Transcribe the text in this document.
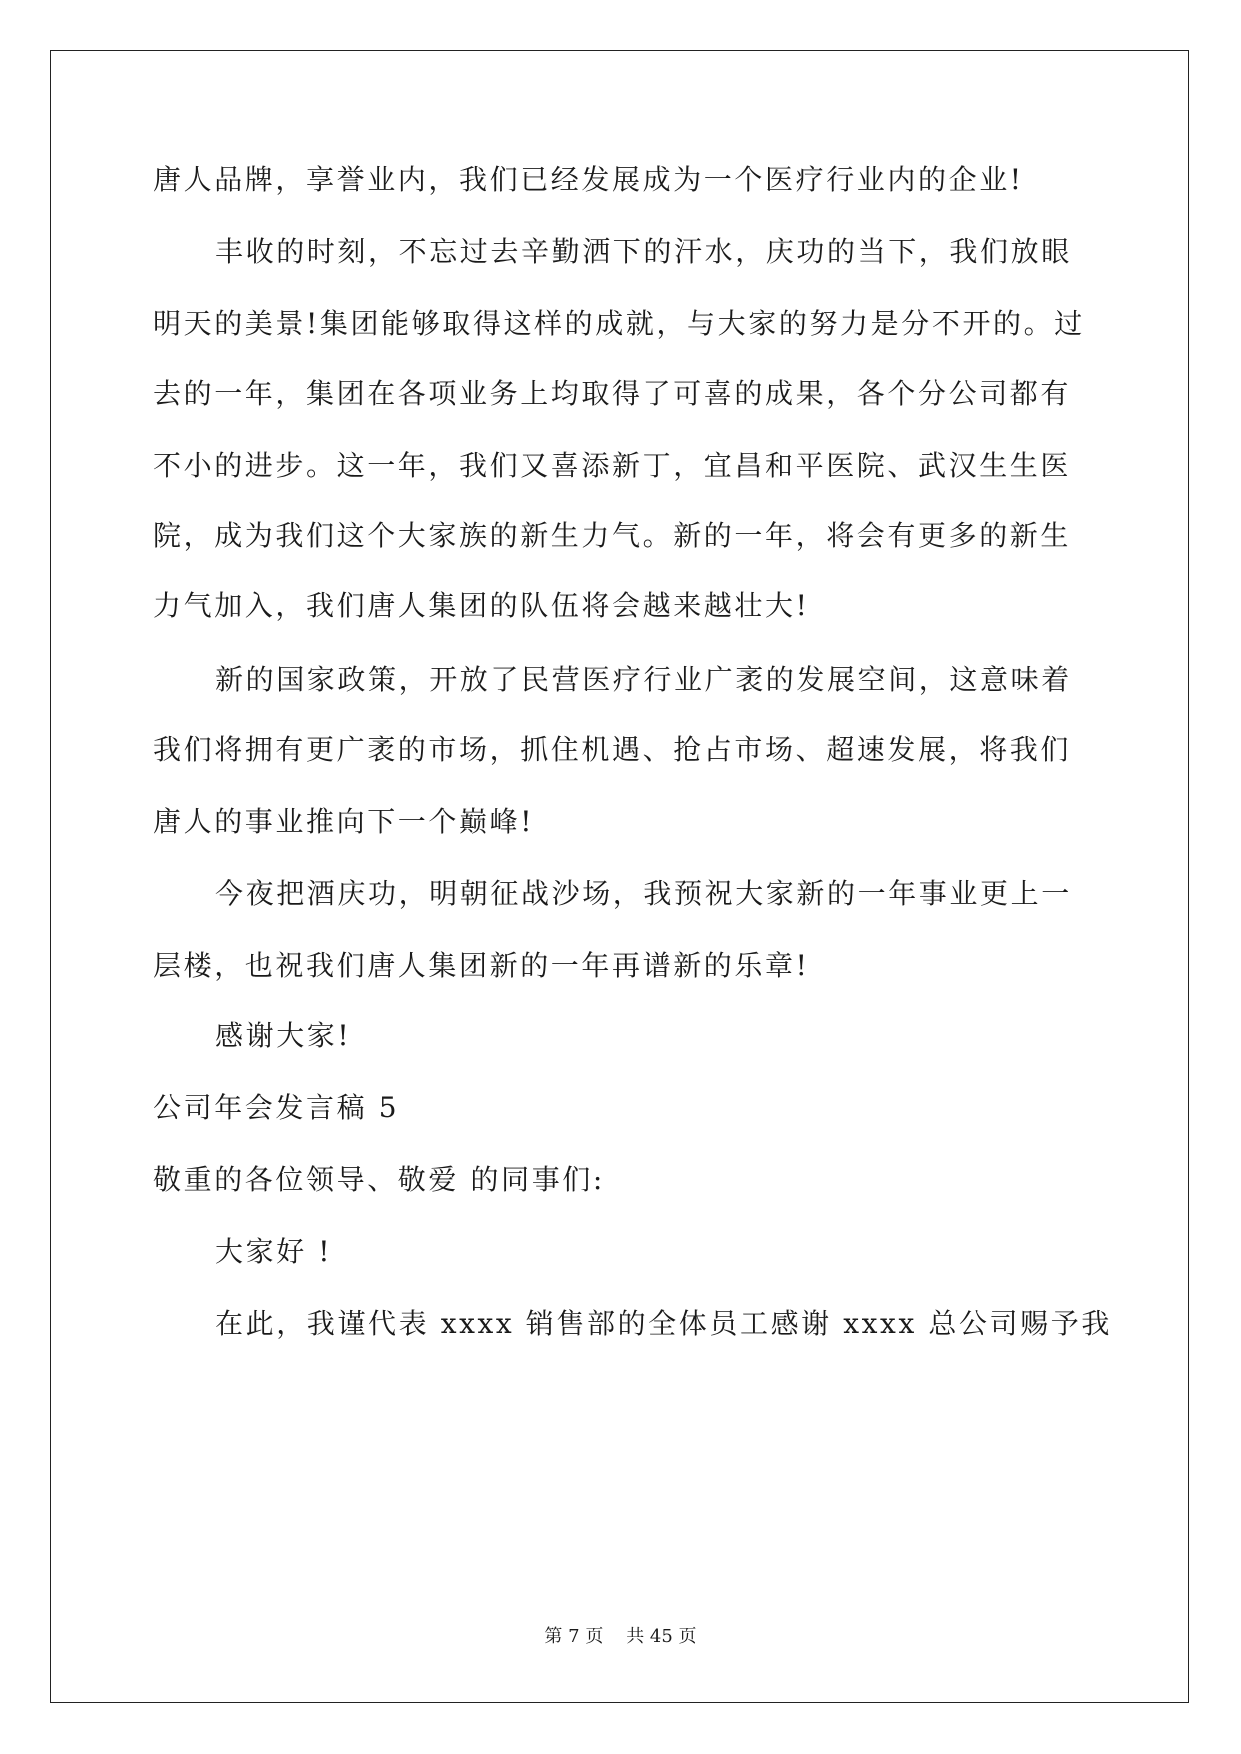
唐人品牌，享誉业内，我们已经发展成为一个医疗行业内的企业!
丰收的时刻，不忘过去辛勤洒下的汗水，庆功的当下，我们放眼
明天的美景!集团能够取得这样的成就，与大家的努力是分不开的。过
去的一年，集团在各项业务上均取得了可喜的成果，各个分公司都有
不小的进步。这一年，我们又喜添新丁，宜昌和平医院、武汉生生医
院，成为我们这个大家族的新生力气。新的一年，将会有更多的新生
力气加入，我们唐人集团的队伍将会越来越壮大!
新的国家政策，开放了民营医疗行业广袤的发展空间，这意味着
我们将拥有更广袤的市场，抓住机遇、抢占市场、超速发展，将我们
唐人的事业推向下一个巅峰!
今夜把酒庆功，明朝征战沙场，我预祝大家新的一年事业更上一
层楼，也祝我们唐人集团新的一年再谱新的乐章!
感谢大家!
公司年会发言稿 5
敬重的各位领导、敬爱 的同事们:
大家好 !
在此，我谨代表 xxxx 销售部的全体员工感谢 xxxx 总公司赐予我
第 7 页    共 45 页
